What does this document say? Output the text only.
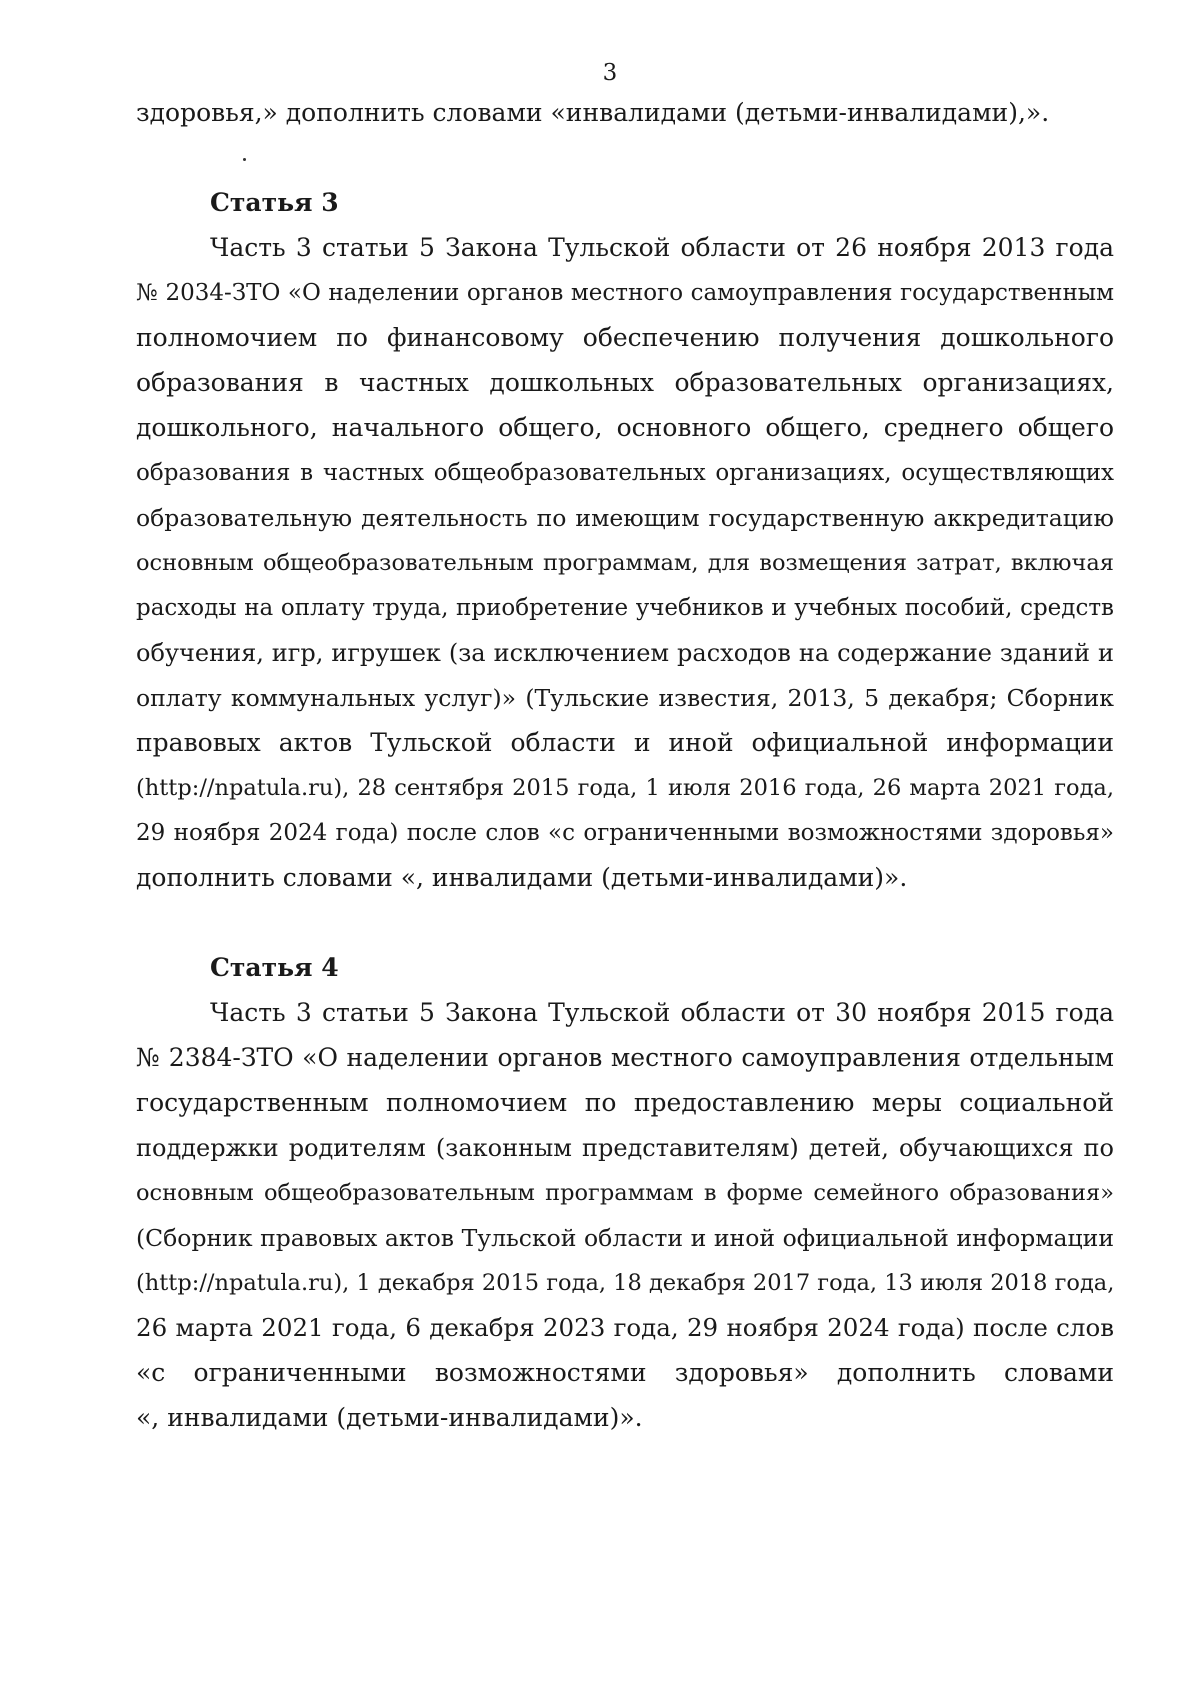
3
здоровья,» дополнить словами «инвалидами (детьми-инвалидами),».
Статья 3
Часть 3 статьи 5 Закона Тульской области от 26 ноября 2013 года
№ 2034-ЗТО «О наделении органов местного самоуправления государственным
полномочием по финансовому обеспечению получения дошкольного
образования в частных дошкольных образовательных организациях,
дошкольного, начального общего, основного общего, среднего общего
образования в частных общеобразовательных организациях, осуществляющих
образовательную деятельность по имеющим государственную аккредитацию
основным общеобразовательным программам, для возмещения затрат, включая
расходы на оплату труда, приобретение учебников и учебных пособий, средств
обучения, игр, игрушек (за исключением расходов на содержание зданий и
оплату коммунальных услуг)» (Тульские известия, 2013, 5 декабря; Сборник
правовых актов Тульской области и иной официальной информации
(http://npatula.ru), 28 сентября 2015 года, 1 июля 2016 года, 26 марта 2021 года,
29 ноября 2024 года) после слов «с ограниченными возможностями здоровья»
дополнить словами «, инвалидами (детьми-инвалидами)».
Статья 4
Часть 3 статьи 5 Закона Тульской области от 30 ноября 2015 года
№ 2384-ЗТО «О наделении органов местного самоуправления отдельным
государственным полномочием по предоставлению меры социальной
поддержки родителям (законным представителям) детей, обучающихся по
основным общеобразовательным программам в форме семейного образования»
(Сборник правовых актов Тульской области и иной официальной информации
(http://npatula.ru), 1 декабря 2015 года, 18 декабря 2017 года, 13 июля 2018 года,
26 марта 2021 года, 6 декабря 2023 года, 29 ноября 2024 года) после слов
«с ограниченными возможностями здоровья» дополнить словами
«, инвалидами (детьми-инвалидами)».
